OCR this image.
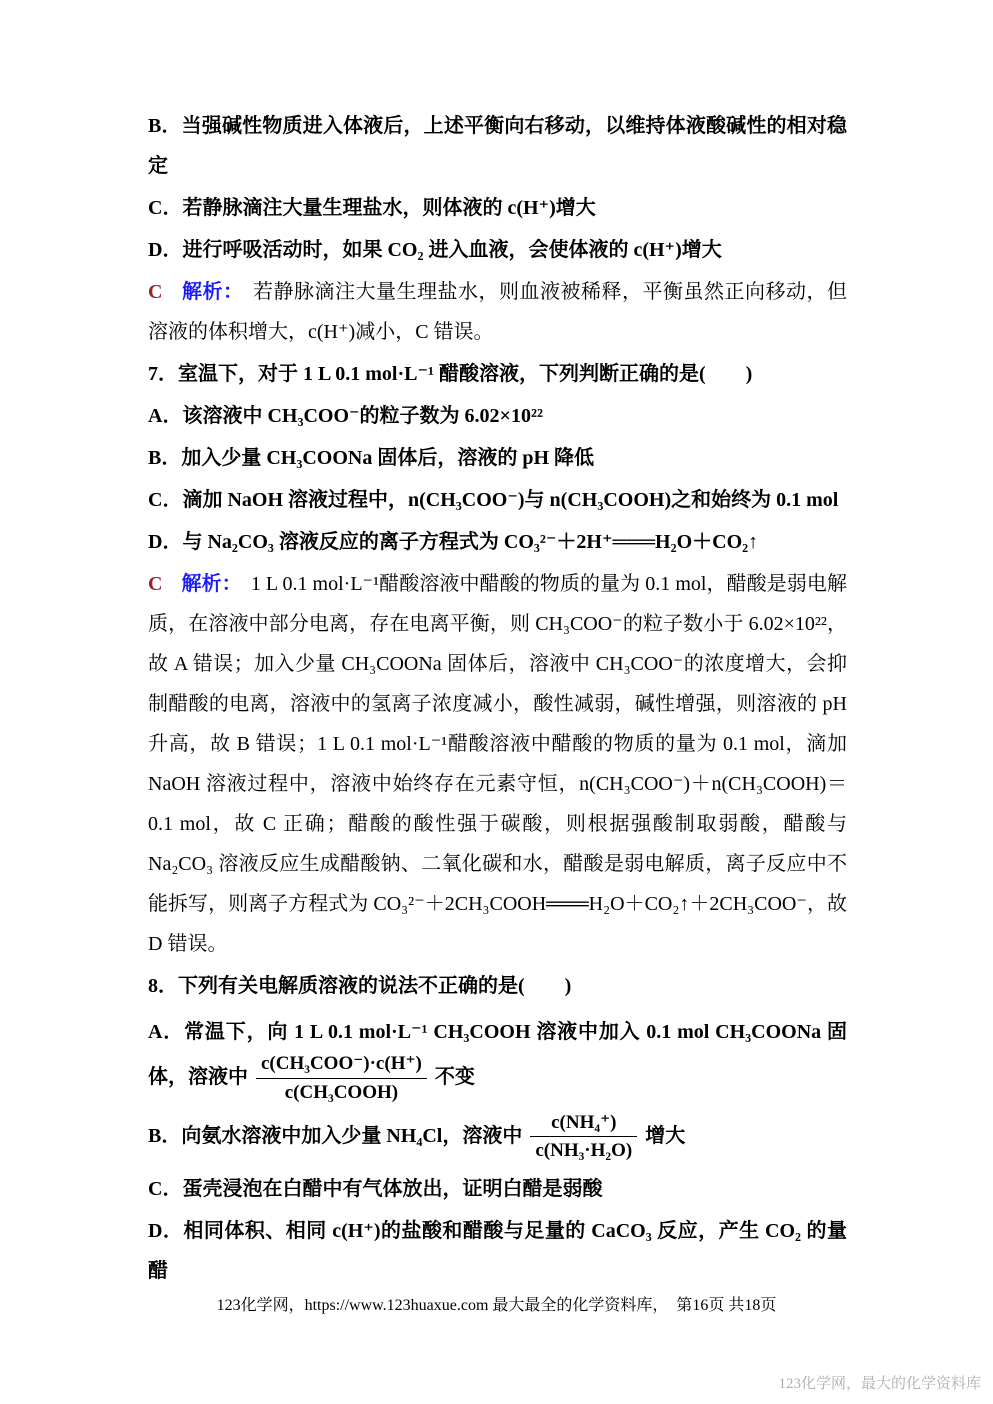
B．当强碱性物质进入体液后，上述平衡向右移动，以维持体液酸碱性的相对稳定

C．若静脉滴注大量生理盐水，则体液的 c(H⁺)增大

D．进行呼吸活动时，如果 CO₂ 进入血液，会使体液的 c(H⁺)增大

C 解析： 若静脉滴注大量生理盐水，则血液被稀释，平衡虽然正向移动，但溶液的体积增大，c(H⁺)减小，C 错误。

7．室温下，对于 1 L 0.1 mol·L⁻¹ 醋酸溶液，下列判断正确的是(　　)

A．该溶液中 CH₃COO⁻的粒子数为 6.02×10²²

B．加入少量 CH₃COONa 固体后，溶液的 pH 降低

C．滴加 NaOH 溶液过程中，n(CH₃COO⁻)与 n(CH₃COOH)之和始终为 0.1 mol

D．与 Na₂CO₃ 溶液反应的离子方程式为 CO₃²⁻＋2H⁺═══H₂O＋CO₂↑

C 解析： 1 L 0.1 mol·L⁻¹醋酸溶液中醋酸的物质的量为 0.1 mol，醋酸是弱电解质，在溶液中部分电离，存在电离平衡，则 CH₃COO⁻的粒子数小于 6.02×10²²，故 A 错误；加入少量 CH₃COONa 固体后，溶液中 CH₃COO⁻的浓度增大，会抑制醋酸的电离，溶液中的氢离子浓度减小，酸性减弱，碱性增强，则溶液的 pH 升高，故 B 错误；1 L 0.1 mol·L⁻¹醋酸溶液中醋酸的物质的量为 0.1 mol，滴加 NaOH 溶液过程中，溶液中始终存在元素守恒，n(CH₃COO⁻)＋n(CH₃COOH)＝0.1 mol，故 C 正确；醋酸的酸性强于碳酸，则根据强酸制取弱酸，醋酸与 Na₂CO₃ 溶液反应生成醋酸钠、二氧化碳和水，醋酸是弱电解质，离子反应中不能拆写，则离子方程式为 CO₃²⁻＋2CH₃COOH═══H₂O＋CO₂↑＋2CH₃COO⁻，故 D 错误。

8．下列有关电解质溶液的说法不正确的是(　　)

A．常温下，向 1 L 0.1 mol·L⁻¹ CH₃COOH 溶液中加入 0.1 mol CH₃COONa 固体，溶液中 $\frac{\text{c(CH₃COO⁻)·c(H⁺)}}{\text{c(CH₃COOH)}}$ 不变

B．向氨水溶液中加入少量 NH₄Cl，溶液中 $\frac{\text{c(NH₄⁺)}}{\text{c(NH₃·H₂O)}}$ 增大

C．蛋壳浸泡在白醋中有气体放出，证明白醋是弱酸

D．相同体积、相同 c(H⁺)的盐酸和醋酸与足量的 CaCO₃ 反应，产生 CO₂ 的量醋

123化学网，https://www.123huaxue.com 最大最全的化学资料库，　第16页 共18页
123化学网，最大的化学资料库
